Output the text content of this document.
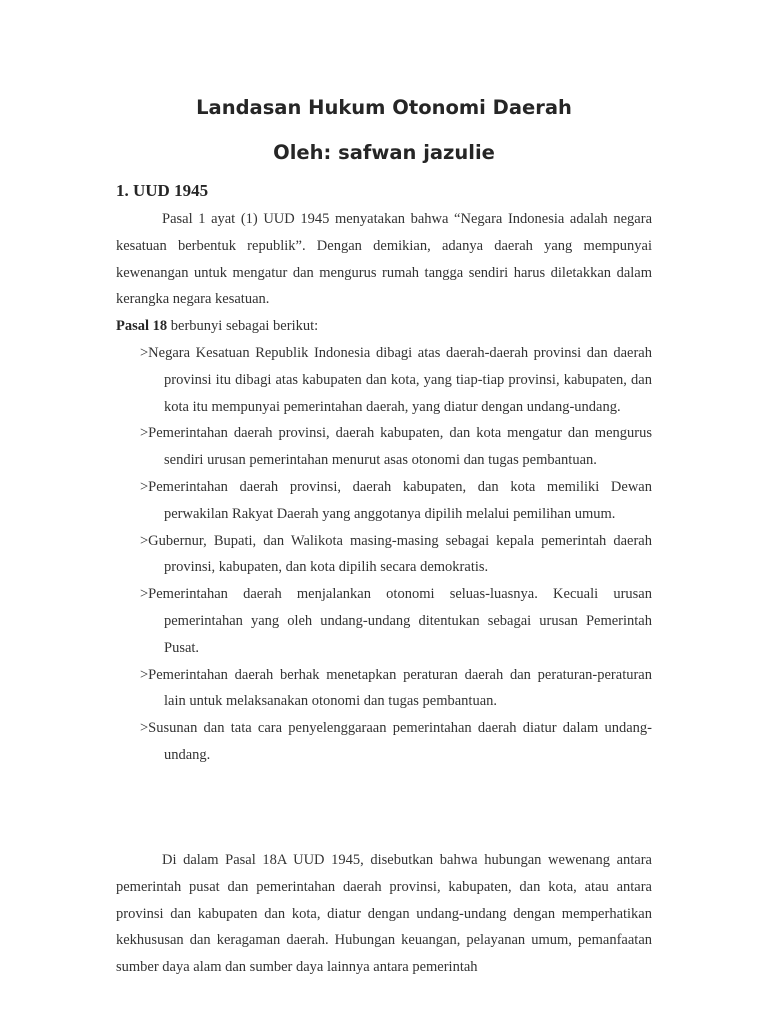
Landasan Hukum Otonomi Daerah
Oleh: safwan jazulie
1. UUD 1945

Pasal 1 ayat (1) UUD 1945 menyatakan bahwa “Negara Indonesia adalah negara kesatuan berbentuk republik”. Dengan demikian, adanya daerah yang mempunyai kewenangan untuk mengatur dan mengurus rumah tangga sendiri harus diletakkan dalam kerangka negara kesatuan.

Pasal 18 berbunyi sebagai berikut:
>Negara Kesatuan Republik Indonesia dibagi atas daerah-daerah provinsi dan daerah provinsi itu dibagi atas kabupaten dan kota, yang tiap-tiap provinsi, kabupaten, dan kota itu mempunyai pemerintahan daerah, yang diatur dengan undang-undang.
>Pemerintahan daerah provinsi, daerah kabupaten, dan kota mengatur dan mengurus sendiri urusan pemerintahan menurut asas otonomi dan tugas pembantuan.
>Pemerintahan daerah provinsi, daerah kabupaten, dan kota memiliki Dewan perwakilan Rakyat Daerah yang anggotanya dipilih melalui pemilihan umum.
>Gubernur, Bupati, dan Walikota masing-masing sebagai kepala pemerintah daerah provinsi, kabupaten, dan kota dipilih secara demokratis.
>Pemerintahan daerah menjalankan otonomi seluas-luasnya. Kecuali urusan pemerintahan yang oleh undang-undang ditentukan sebagai urusan Pemerintah Pusat.
>Pemerintahan daerah berhak menetapkan peraturan daerah dan peraturan-peraturan lain untuk melaksanakan otonomi dan tugas pembantuan.
>Susunan dan tata cara penyelenggaraan pemerintahan daerah diatur dalam undang-undang.

Di dalam Pasal 18A UUD 1945, disebutkan bahwa hubungan wewenang antara pemerintah pusat dan pemerintahan daerah provinsi, kabupaten, dan kota, atau antara provinsi dan kabupaten dan kota, diatur dengan undang-undang dengan memperhatikan kekhususan dan keragaman daerah. Hubungan keuangan, pelayanan umum, pemanfaatan sumber daya alam dan sumber daya lainnya antara pemerintah
